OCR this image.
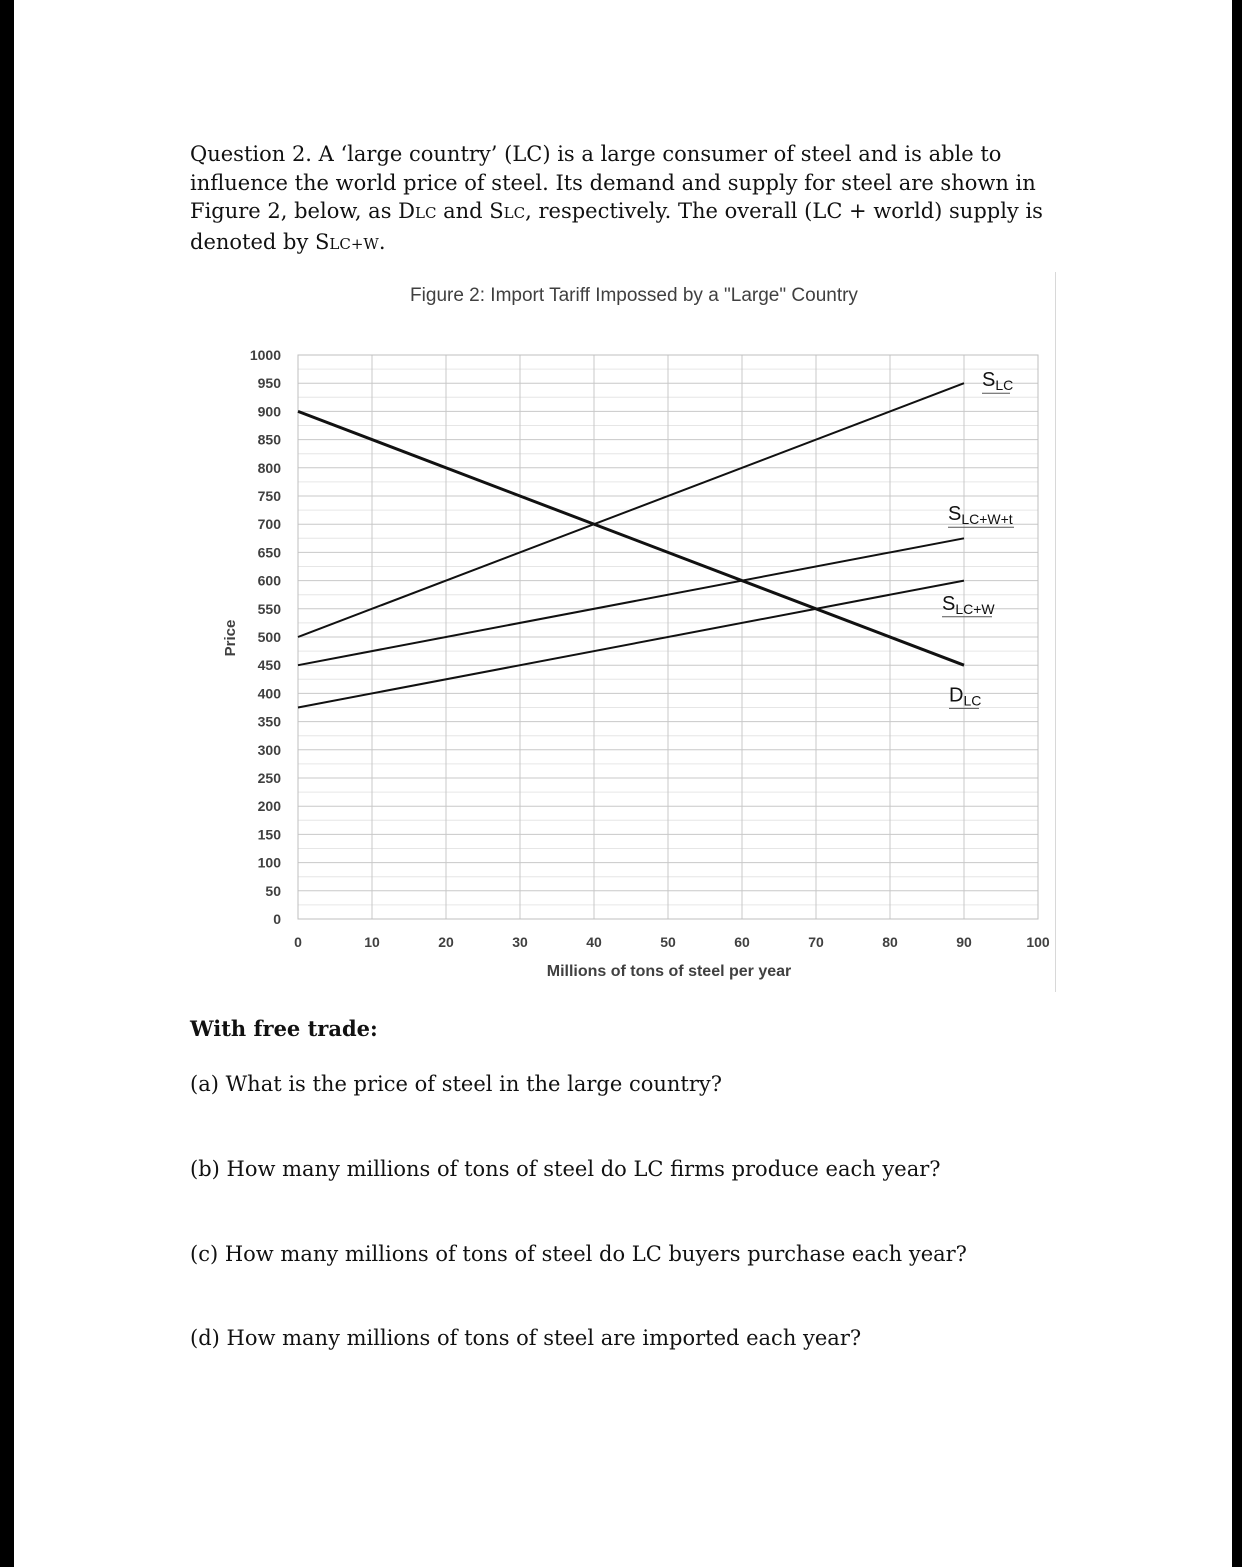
Question 2. A ‘large country’ (LC) is a large consumer of steel and is able to influence the world price of steel. Its demand and supply for steel are shown in Figure 2, below, as DLC and SLC, respectively. The overall (LC + world) supply is denoted by SLC+W.

Figure 2: Import Tariff Impossed by a "Large" Country
0
50
100
150
200
250
300
350
400
450
500
550
600
650
700
750
800
850
900
950
1000
0	10	20	30	40	50	60	70	80	90	100
DLC
SLC
SLC+W+t
SLC+W
Millions of tons of steel per year
Price

With free trade:

(a) What is the price of steel in the large country?

(b) How many millions of tons of steel do LC firms produce each year?

(c) How many millions of tons of steel do LC buyers purchase each year?

(d) How many millions of tons of steel are imported each year?
